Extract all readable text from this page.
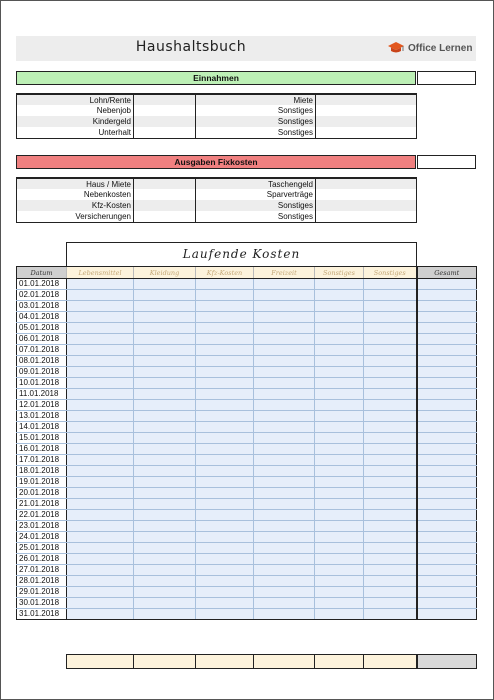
Haushaltsbuch	Office Lernen
Einnahmen
Lohn/Rente		Miete	
Nebenjob		Sonstiges	
Kindergeld		Sonstiges	
Unterhalt		Sonstiges	
Ausgaben Fixkosten
Haus / Miete		Taschengeld	
Nebenkosten		Sparverträge	
Kfz-Kosten		Sonstiges	
Versicherungen		Sonstiges	
Laufende Kosten
Datum	Lebensmittel	Kleidung	Kfz-Kosten	Freizeit	Sonstiges	Sonstiges	Gesamt
01.01.2018							
02.01.2018							
03.01.2018							
04.01.2018							
05.01.2018							
06.01.2018							
07.01.2018							
08.01.2018							
09.01.2018							
10.01.2018							
11.01.2018							
12.01.2018							
13.01.2018							
14.01.2018							
15.01.2018							
16.01.2018							
17.01.2018							
18.01.2018							
19.01.2018							
20.01.2018							
21.01.2018							
22.01.2018							
23.01.2018							
24.01.2018							
25.01.2018							
26.01.2018							
27.01.2018							
28.01.2018							
29.01.2018							
30.01.2018							
31.01.2018							
